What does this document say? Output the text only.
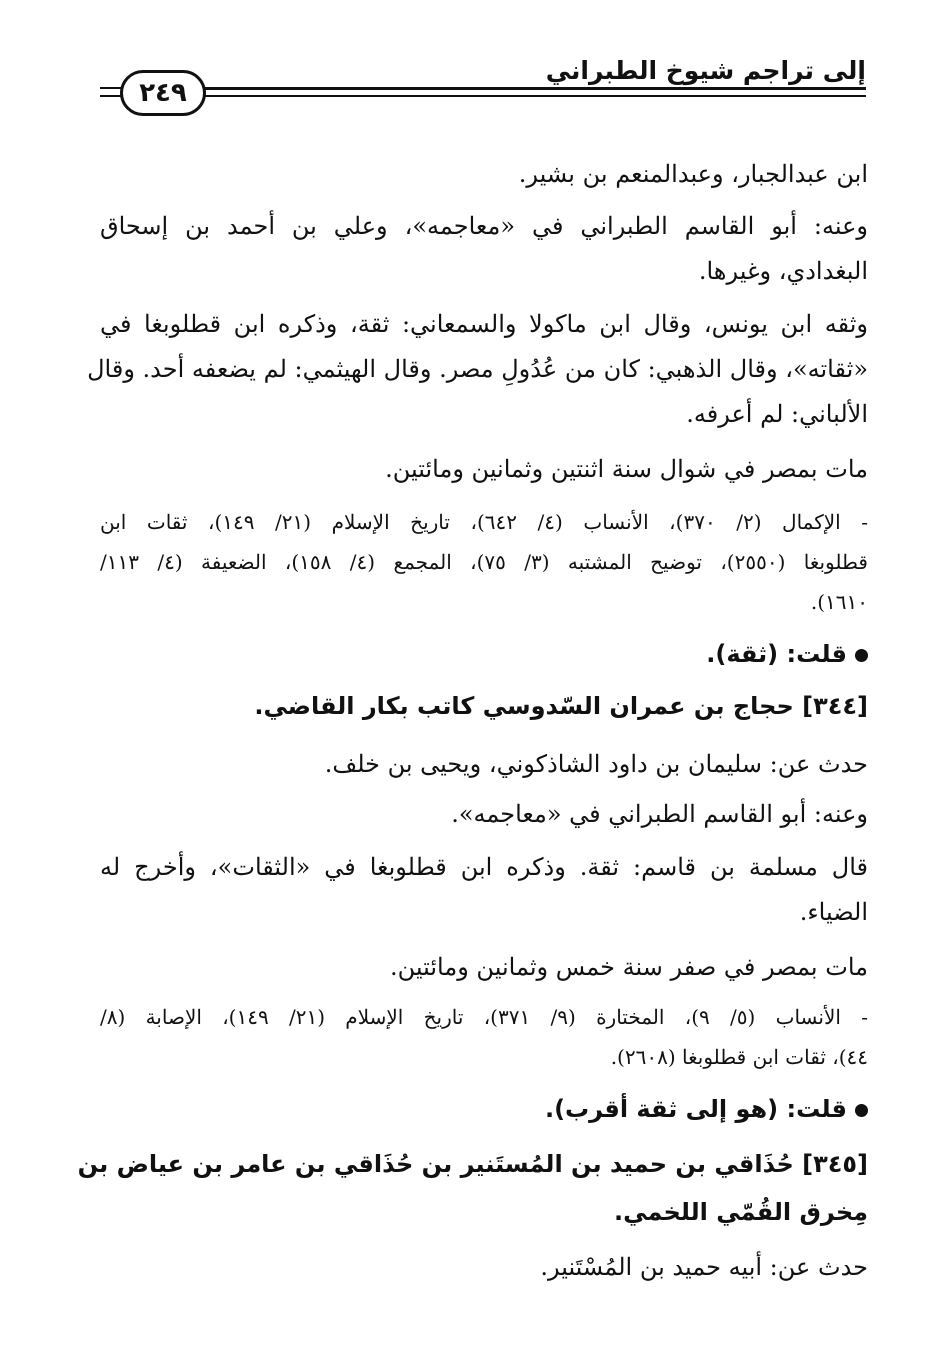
إلى تراجم شيوخ الطبراني
٢٤٩
ابن عبدالجبار، وعبدالمنعم بن بشير.
وعنه: أبو القاسم الطبراني في «معاجمه»، وعلي بن أحمد بن إسحاق
البغدادي، وغيرها.
وثقه ابن يونس، وقال ابن ماكولا والسمعاني: ثقة، وذكره ابن قطلوبغا في
«ثقاته»، وقال الذهبي: كان من عُدُولِ مصر. وقال الهيثمي: لم يضعفه أحد. وقال
الألباني: لم أعرفه.
مات بمصر في شوال سنة اثنتين وثمانين ومائتين.
- الإكمال (٢/ ٣٧٠)، الأنساب (٤/ ٦٤٢)، تاريخ الإسلام (٢١/ ١٤٩)، ثقات ابن
قطلوبغا (٢٥٥٠)، توضيح المشتبه (٣/ ٧٥)، المجمع (٤/ ١٥٨)، الضعيفة (٤/ ١١٣/
١٦١٠).
قلت: (ثقة).
[٣٤٤] حجاج بن عمران السّدوسي كاتب بكار القاضي.
حدث عن: سليمان بن داود الشاذكوني، ويحيى بن خلف.
وعنه: أبو القاسم الطبراني في «معاجمه».
قال مسلمة بن قاسم: ثقة. وذكره ابن قطلوبغا في «الثقات»، وأخرج له
الضياء.
مات بمصر في صفر سنة خمس وثمانين ومائتين.
- الأنساب (٥/ ٩)، المختارة (٩/ ٣٧١)، تاريخ الإسلام (٢١/ ١٤٩)، الإصابة (٨/
٤٤)، ثقات ابن قطلوبغا (٢٦٠٨).
قلت: (هو إلى ثقة أقرب).
[٣٤٥] حُذَاقي بن حميد بن المُستَنير بن حُذَاقي بن عامر بن عياض بن
مِخرق القُمّي اللخمي.
حدث عن: أبيه حميد بن المُسْتَنير.
